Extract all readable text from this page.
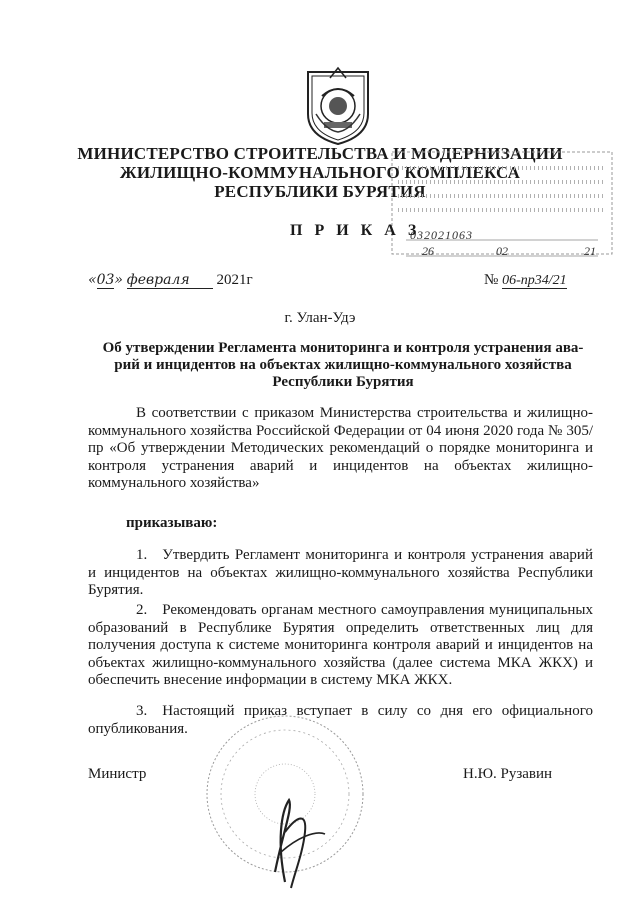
МИНИСТЕРСТВО СТРОИТЕЛЬСТВА И МОДЕРНИЗАЦИИ
ЖИЛИЩНО-КОММУНАЛЬНОГО КОМПЛЕКСА
РЕСПУБЛИКИ БУРЯТИЯ
032021063
26	02	21
П Р И К А З
«03» февраля 2021г	№ 06-пр34/21
г. Улан-Удэ
Об утверждении Регламента мониторинга и контроля устранения ава-
рий и инцидентов на объектах жилищно-коммунального хозяйства
Республики Бурятия
В соответствии с приказом Министерства строительства и жилищно-коммунального хозяйства Российской Федерации от 04 июня 2020 года № 305/пр «Об утверждении Методических рекомендаций о порядке мониторинга и контроля устранения аварий и инцидентов на объектах жилищно-коммунального хозяйства»
приказываю:
1. Утвердить Регламент мониторинга и контроля устранения аварий и инцидентов на объектах жилищно-коммунального хозяйства Республики Бурятия.
2. Рекомендовать органам местного самоуправления муниципальных образований в Республике Бурятия определить ответственных лиц для получения доступа к системе мониторинга контроля аварий и инцидентов на объектах жилищно-коммунального хозяйства (далее система МКА ЖКХ) и обеспечить внесение информации в систему МКА ЖКХ.
3. Настоящий приказ вступает в силу со дня его официального опубликования.
Министр	Н.Ю. Рузавин
